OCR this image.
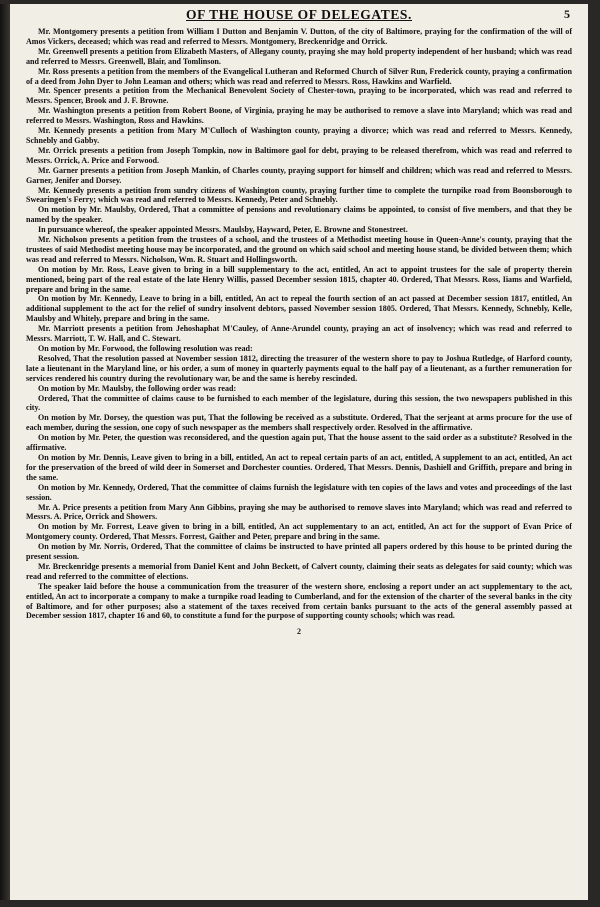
OF THE HOUSE OF DELEGATES.	5

Mr. Montgomery presents a petition from William I Dutton and Benjamin V. Dutton, of the city of Baltimore, praying for the confirmation of the will of Amos Vickers, deceased; which was read and referred to Messrs. Montgomery, Breckenridge and Orrick.

Mr. Greenwell presents a petition from Elizabeth Masters, of Allegany county, praying she may hold property independent of her husband; which was read and referred to Messrs. Greenwell, Blair, and Tomlinson.

Mr. Ross presents a petition from the members of the Evangelical Lutheran and Reformed Church of Silver Run, Frederick county, praying a confirmation of a deed from John Dyer to John Leaman and others; which was read and referred to Messrs. Ross, Hawkins and Warfield.

Mr. Spencer presents a petition from the Mechanical Benevolent Society of Chester-town, praying to be incorporated, which was read and referred to Messrs. Spencer, Brook and J. F. Browne.

Mr. Washington presents a petition from Robert Boone, of Virginia, praying he may be authorised to remove a slave into Maryland; which was read and referred to Messrs. Washington, Ross and Hawkins.

Mr. Kennedy presents a petition from Mary M'Culloch of Washington county, praying a divorce; which was read and referred to Messrs. Kennedy, Schnebly and Gabby.

Mr. Orrick presents a petition from Joseph Tompkin, now in Baltimore gaol for debt, praying to be released therefrom, which was read and referred to Messrs. Orrick, A. Price and Forwood.

Mr. Garner presents a petition from Joseph Mankin, of Charles county, praying support for himself and children; which was read and referred to Messrs. Garner, Jenifer and Dorsey.

Mr. Kennedy presents a petition from sundry citizens of Washington county, praying further time to complete the turnpike road from Boonsborough to Swearingen's Ferry; which was read and referred to Messrs. Kennedy, Peter and Schnebly.

On motion by Mr. Maulsby, Ordered, That a committee of pensions and revolutionary claims be appointed, to consist of five members, and that they be named by the speaker.

In pursuance whereof, the speaker appointed Messrs. Maulsby, Hayward, Peter, E. Browne and Stonestreet.

Mr. Nicholson presents a petition from the trustees of a school, and the trustees of a Methodist meeting house in Queen-Anne's county, praying that the trustees of said Methodist meeting house may be incorporated, and the ground on which said school and meeting house stand, be divided between them; which was read and referred to Messrs. Nicholson, Wm. R. Stuart and Hollingsworth.

On motion by Mr. Ross, Leave given to bring in a bill supplementary to the act, entitled, An act to appoint trustees for the sale of property therein mentioned, being part of the real estate of the late Henry Willis, passed December session 1815, chapter 40. Ordered, That Messrs. Ross, Iiams and Warfield, prepare and bring in the same.

On motion by Mr. Kennedy, Leave to bring in a bill, entitled, An act to repeal the fourth section of an act passed at December session 1817, entitled, An additional supplement to the act for the relief of sundry insolvent debtors, passed November session 1805. Ordered, That Messrs. Kennedy, Schnebly, Kelle, Maulsby and Whitely, prepare and bring in the same.

Mr. Marriott presents a petition from Jehoshaphat M'Cauley, of Anne-Arundel county, praying an act of insolvency; which was read and referred to Messrs. Marriott, T. W. Hall, and C. Stewart.

On motion by Mr. Forwood, the following resolution was read:

Resolved, That the resolution passed at November session 1812, directing the treasurer of the western shore to pay to Joshua Rutledge, of Harford county, late a lieutenant in the Maryland line, or his order, a sum of money in quarterly payments equal to the half pay of a lieutenant, as a further remuneration for services rendered his country during the revolutionary war, be and the same is hereby rescinded.

On motion by Mr. Maulsby, the following order was read:

Ordered, That the committee of claims cause to be furnished to each member of the legislature, during this session, the two newspapers published in this city.

On motion by Mr. Dorsey, the question was put, That the following be received as a substitute. Ordered, That the serjeant at arms procure for the use of each member, during the session, one copy of such newspaper as the members shall respectively order. Resolved in the affirmative.

On motion by Mr. Peter, the question was reconsidered, and the question again put, That the house assent to the said order as a substitute? Resolved in the affirmative.

On motion by Mr. Dennis, Leave given to bring in a bill, entitled, An act to repeal certain parts of an act, entitled, A supplement to an act, entitled, An act for the preservation of the breed of wild deer in Somerset and Dorchester counties. Ordered, That Messrs. Dennis, Dashiell and Griffith, prepare and bring in the same.

On motion by Mr. Kennedy, Ordered, That the committee of claims furnish the legislature with ten copies of the laws and votes and proceedings of the last session.

Mr. A. Price presents a petition from Mary Ann Gibbins, praying she may be authorised to remove slaves into Maryland; which was read and referred to Messrs. A. Price, Orrick and Showers.

On motion by Mr. Forrest, Leave given to bring in a bill, entitled, An act supplementary to an act, entitled, An act for the support of Evan Price of Montgomery county. Ordered, That Messrs. Forrest, Gaither and Peter, prepare and bring in the same.

On motion by Mr. Norris, Ordered, That the committee of claims be instructed to have printed all papers ordered by this house to be printed during the present session.

Mr. Breckenridge presents a memorial from Daniel Kent and John Beckett, of Calvert county, claiming their seats as delegates for said county; which was read and referred to the committee of elections.

The speaker laid before the house a communication from the treasurer of the western shore, enclosing a report under an act supplementary to the act, entitled, An act to incorporate a company to make a turnpike road leading to Cumberland, and for the extension of the charter of the several banks in the city of Baltimore, and for other purposes; also a statement of the taxes received from certain banks pursuant to the acts of the general assembly passed at December session 1817, chapter 16 and 60, to constitute a fund for the purpose of supporting county schools; which was read.

2
